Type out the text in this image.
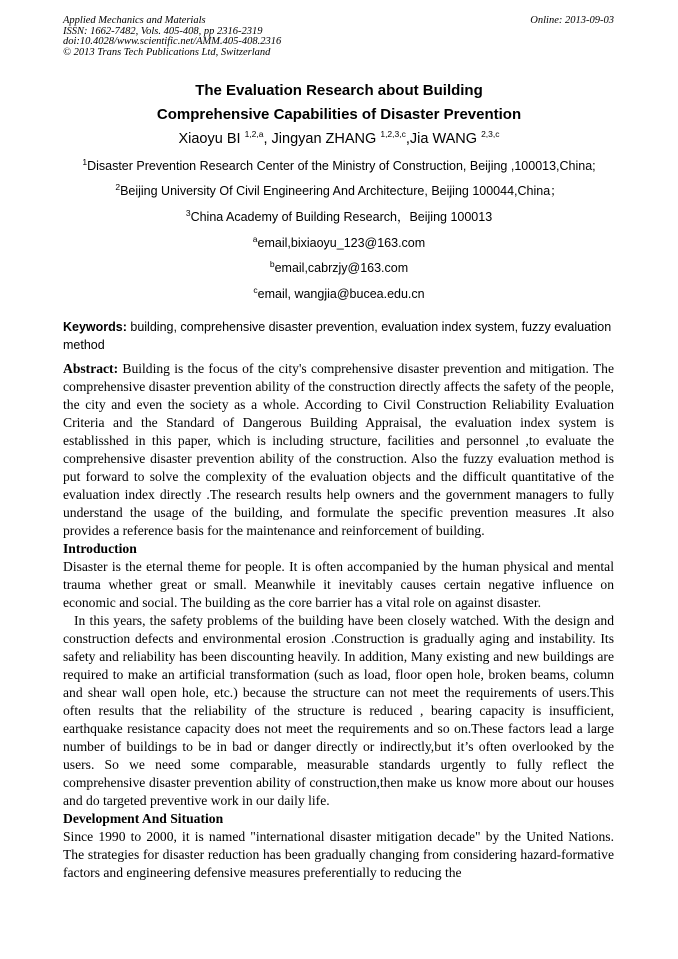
Applied Mechanics and Materials
ISSN: 1662-7482, Vols. 405-408, pp 2316-2319
doi:10.4028/www.scientific.net/AMM.405-408.2316
© 2013 Trans Tech Publications Ltd, Switzerland
Online: 2013-09-03
The Evaluation Research about Building
Comprehensive Capabilities of Disaster Prevention
Xiaoyu BI $^{1,2,a}$, Jingyan ZHANG $^{1,2,3,c}$,Jia WANG $^{2,3,c}$
$^1$Disaster Prevention Research Center of the Ministry of Construction, Beijing ,100013,China;
$^2$Beijing University Of Civil Engineering And Architecture, Beijing 100044,China；
$^3$China Academy of Building Research，Beijing 100013
$^a$email,bixiaoyu_123@163.com
$^b$email,cabrzjy@163.com
$^c$email, wangjia@bucea.edu.cn
Keywords: building, comprehensive disaster prevention, evaluation index system, fuzzy evaluation method

Abstract: Building is the focus of the city's comprehensive disaster prevention and mitigation. The comprehensive disaster prevention ability of the construction directly affects the safety of the people, the city and even the society as a whole. According to Civil Construction Reliability Evaluation Criteria and the Standard of Dangerous Building Appraisal, the evaluation index system is establisshed in this paper, which is including structure, facilities and personnel ,to evaluate the comprehensive disaster prevention ability of the construction. Also the fuzzy evaluation method is put forward to solve the complexity of the evaluation objects and the difficult quantitative of the evaluation index directly .The research results help owners and the government managers to fully understand the usage of the building, and formulate the specific prevention measures .It also provides a reference basis for the maintenance and reinforcement of building.

Introduction

Disaster is the eternal theme for people. It is often accompanied by the human physical and mental trauma whether great or small. Meanwhile it inevitably causes certain negative influence on economic and social. The building as the core barrier has a vital role on against disaster.

In this years, the safety problems of the building have been closely watched. With the design and construction defects and environmental erosion .Construction is gradually aging and instability. Its safety and reliability has been discounting heavily. In addition, Many existing and new buildings are required to make an artificial transformation (such as load, floor open hole, broken beams, column and shear wall open hole, etc.) because the structure can not meet the requirements of users.This often results that the reliability of the structure is reduced , bearing capacity is insufficient, earthquake resistance capacity does not meet the requirements and so on.These factors lead a large number of buildings to be in bad or danger directly or indirectly,but it’s often overlooked by the users. So we need some comparable, measurable standards urgently to fully reflect the comprehensive disaster prevention ability of construction,then make us know more about our houses and do targeted preventive work in our daily life.

Development And Situation

Since 1990 to 2000, it is named "international disaster mitigation decade" by the United Nations. The strategies for disaster reduction has been gradually changing from considering hazard-formative factors and engineering defensive measures preferentially to reducing the
